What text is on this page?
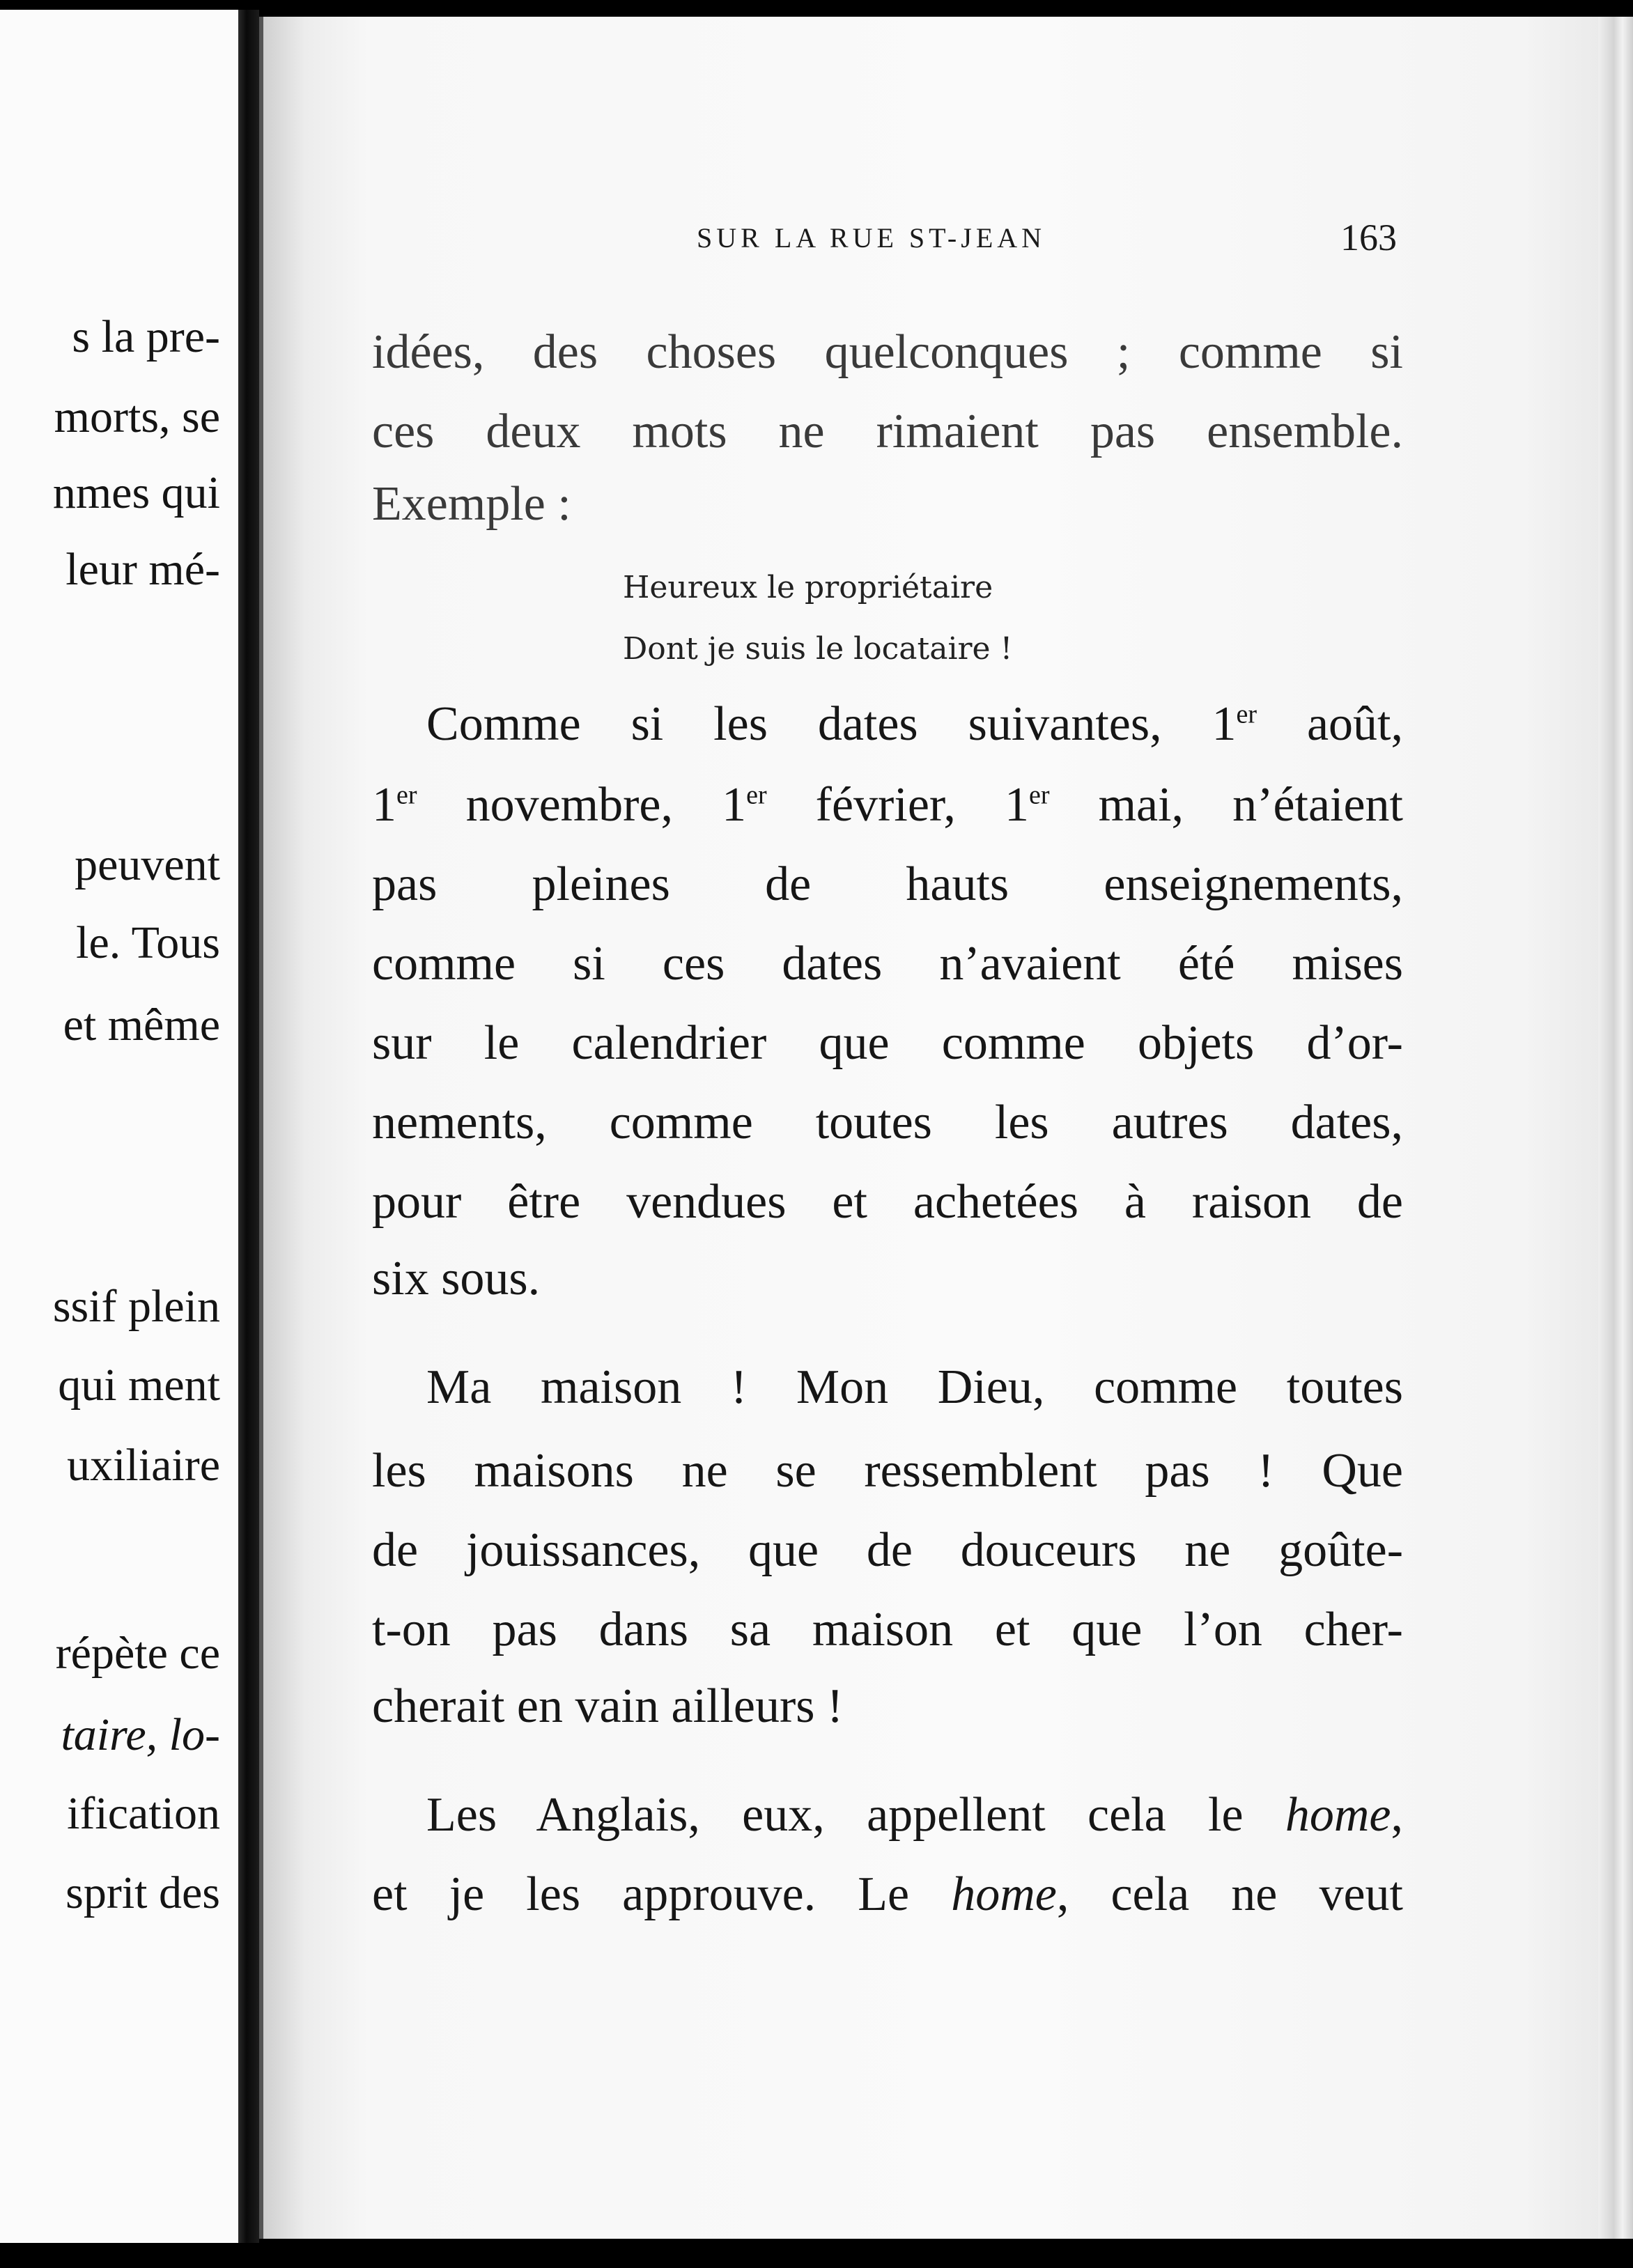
s la pre-
morts, se
nmes qui
leur mé-
peuvent
le. Tous
et même
ssif plein
qui ment
uxiliaire
répète ce
taire, lo-
ification
sprit des
SUR LA RUE ST-JEAN	163
idées, des choses quelconques ; comme si
ces deux mots ne rimaient pas ensemble.
Exemple :
Heureux le propriétaire
Dont je suis le locataire !
Comme si les dates suivantes, 1er août,
1er novembre, 1er février, 1er mai, n’étaient
pas pleines de hauts enseignements,
comme si ces dates n’avaient été mises
sur le calendrier que comme objets d’or-
nements, comme toutes les autres dates,
pour être vendues et achetées à raison de
six sous.
Ma maison ! Mon Dieu, comme toutes
les maisons ne se ressemblent pas ! Que
de jouissances, que de douceurs ne goûte-
t-on pas dans sa maison et que l’on cher-
cherait en vain ailleurs !
Les Anglais, eux, appellent cela le home,
et je les approuve. Le home, cela ne veut
